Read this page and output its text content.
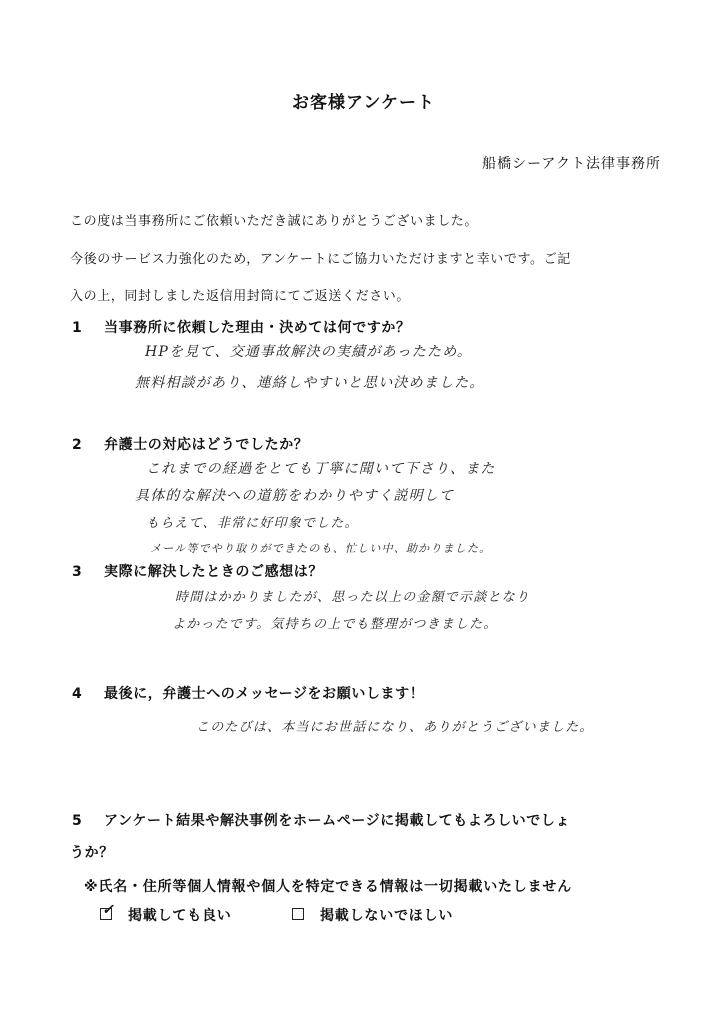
お客様アンケート
船橋シーアクト法律事務所
この度は当事務所にご依頼いただき誠にありがとうございました。
今後のサービス力強化のため，アンケートにご協力いただけますと幸いです。ご記
入の上，同封しました返信用封筒にてご返送ください。
1 当事務所に依頼した理由・決めては何ですか？
HPを見て、交通事故解決の実績があったため。
無料相談があり、連絡しやすいと思い決めました。
2 弁護士の対応はどうでしたか？
これまでの経過をとても丁寧に聞いて下さり、また
具体的な解決への道筋をわかりやすく説明して
もらえて、非常に好印象でした。
メール等でやり取りができたのも、忙しい中、助かりました。
3 実際に解決したときのご感想は？
時間はかかりましたが、思った以上の金額で示談となり
よかったです。気持ちの上でも整理がつきました。
4 最後に，弁護士へのメッセージをお願いします！
このたびは、本当にお世話になり、ありがとうございました。
5 アンケート結果や解決事例をホームページに掲載してもよろしいでしょ
うか？
※氏名・住所等個人情報や個人を特定できる情報は一切掲載いたしません
✓ 掲載しても良い	掲載しないでほしい
